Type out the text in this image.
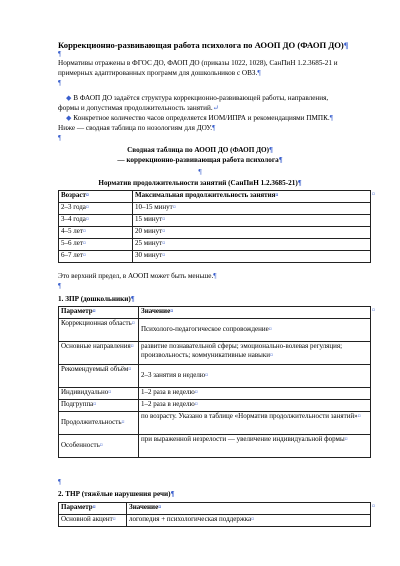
Коррекционно-развивающая работа психолога по АООП ДО (ФАОП ДО)¶
¶
Нормативы отражены в ФГОС ДО, ФАОП ДО (приказы 1022, 1028), СанПиН 1.2.3685-21 и
примерных адаптированных программ для дошкольников с ОВЗ.¶
¶
◆ В ФАОП ДО задаётся структура коррекционно-развивающей работы, направления,
формы и допустимая продолжительность занятий.↵
◆ Конкретное количество часов определяется ИОМ/ИПРА и рекомендациями ПМПК.¶
Ниже — сводная таблица по нозологиям для ДОУ.¶
¶
Сводная таблица по АООП ДО (ФАОП ДО)¶
— коррекционно-развивающая работа психолога¶
¶
Норматив продолжительности занятий (СанПиН 1.2.3685-21)¶
Возраст¤	Максимальная продолжительность занятия¤
2–3 года¤	10–15 минут¤
3–4 года¤	15 минут¤
4–5 лет¤	20 минут¤
5–6 лет¤	25 минут¤
6–7 лет¤	30 минут¤
¤
Это верхний предел, в АООП может быть меньше.¶
¶
1. ЗПР (дошкольники)¶
Параметр¤	Значение¤
Коррекционная область¤	Психолого-педагогическое сопровождение¤
Основные направления¤	развитие познавательной сферы; эмоционально-волевая регуляция; произвольность; коммуникативные навыки¤
Рекомендуемый объём¤	2–3 занятия в неделю¤
Индивидуально¤	1–2 раза в неделю¤
Подгруппа¤	1–2 раза в неделю¤
Продолжительность¤	по возрасту. Указано в таблице «Норматив продолжительности занятий»¤
Особенность¤	при выраженной незрелости — увеличение индивидуальной формы¤
¤
¶
2. ТНР (тяжёлые нарушения речи)¶
Параметр¤	Значение¤
Основной акцент¤	логопедия + психологическая поддержка¤
¤
